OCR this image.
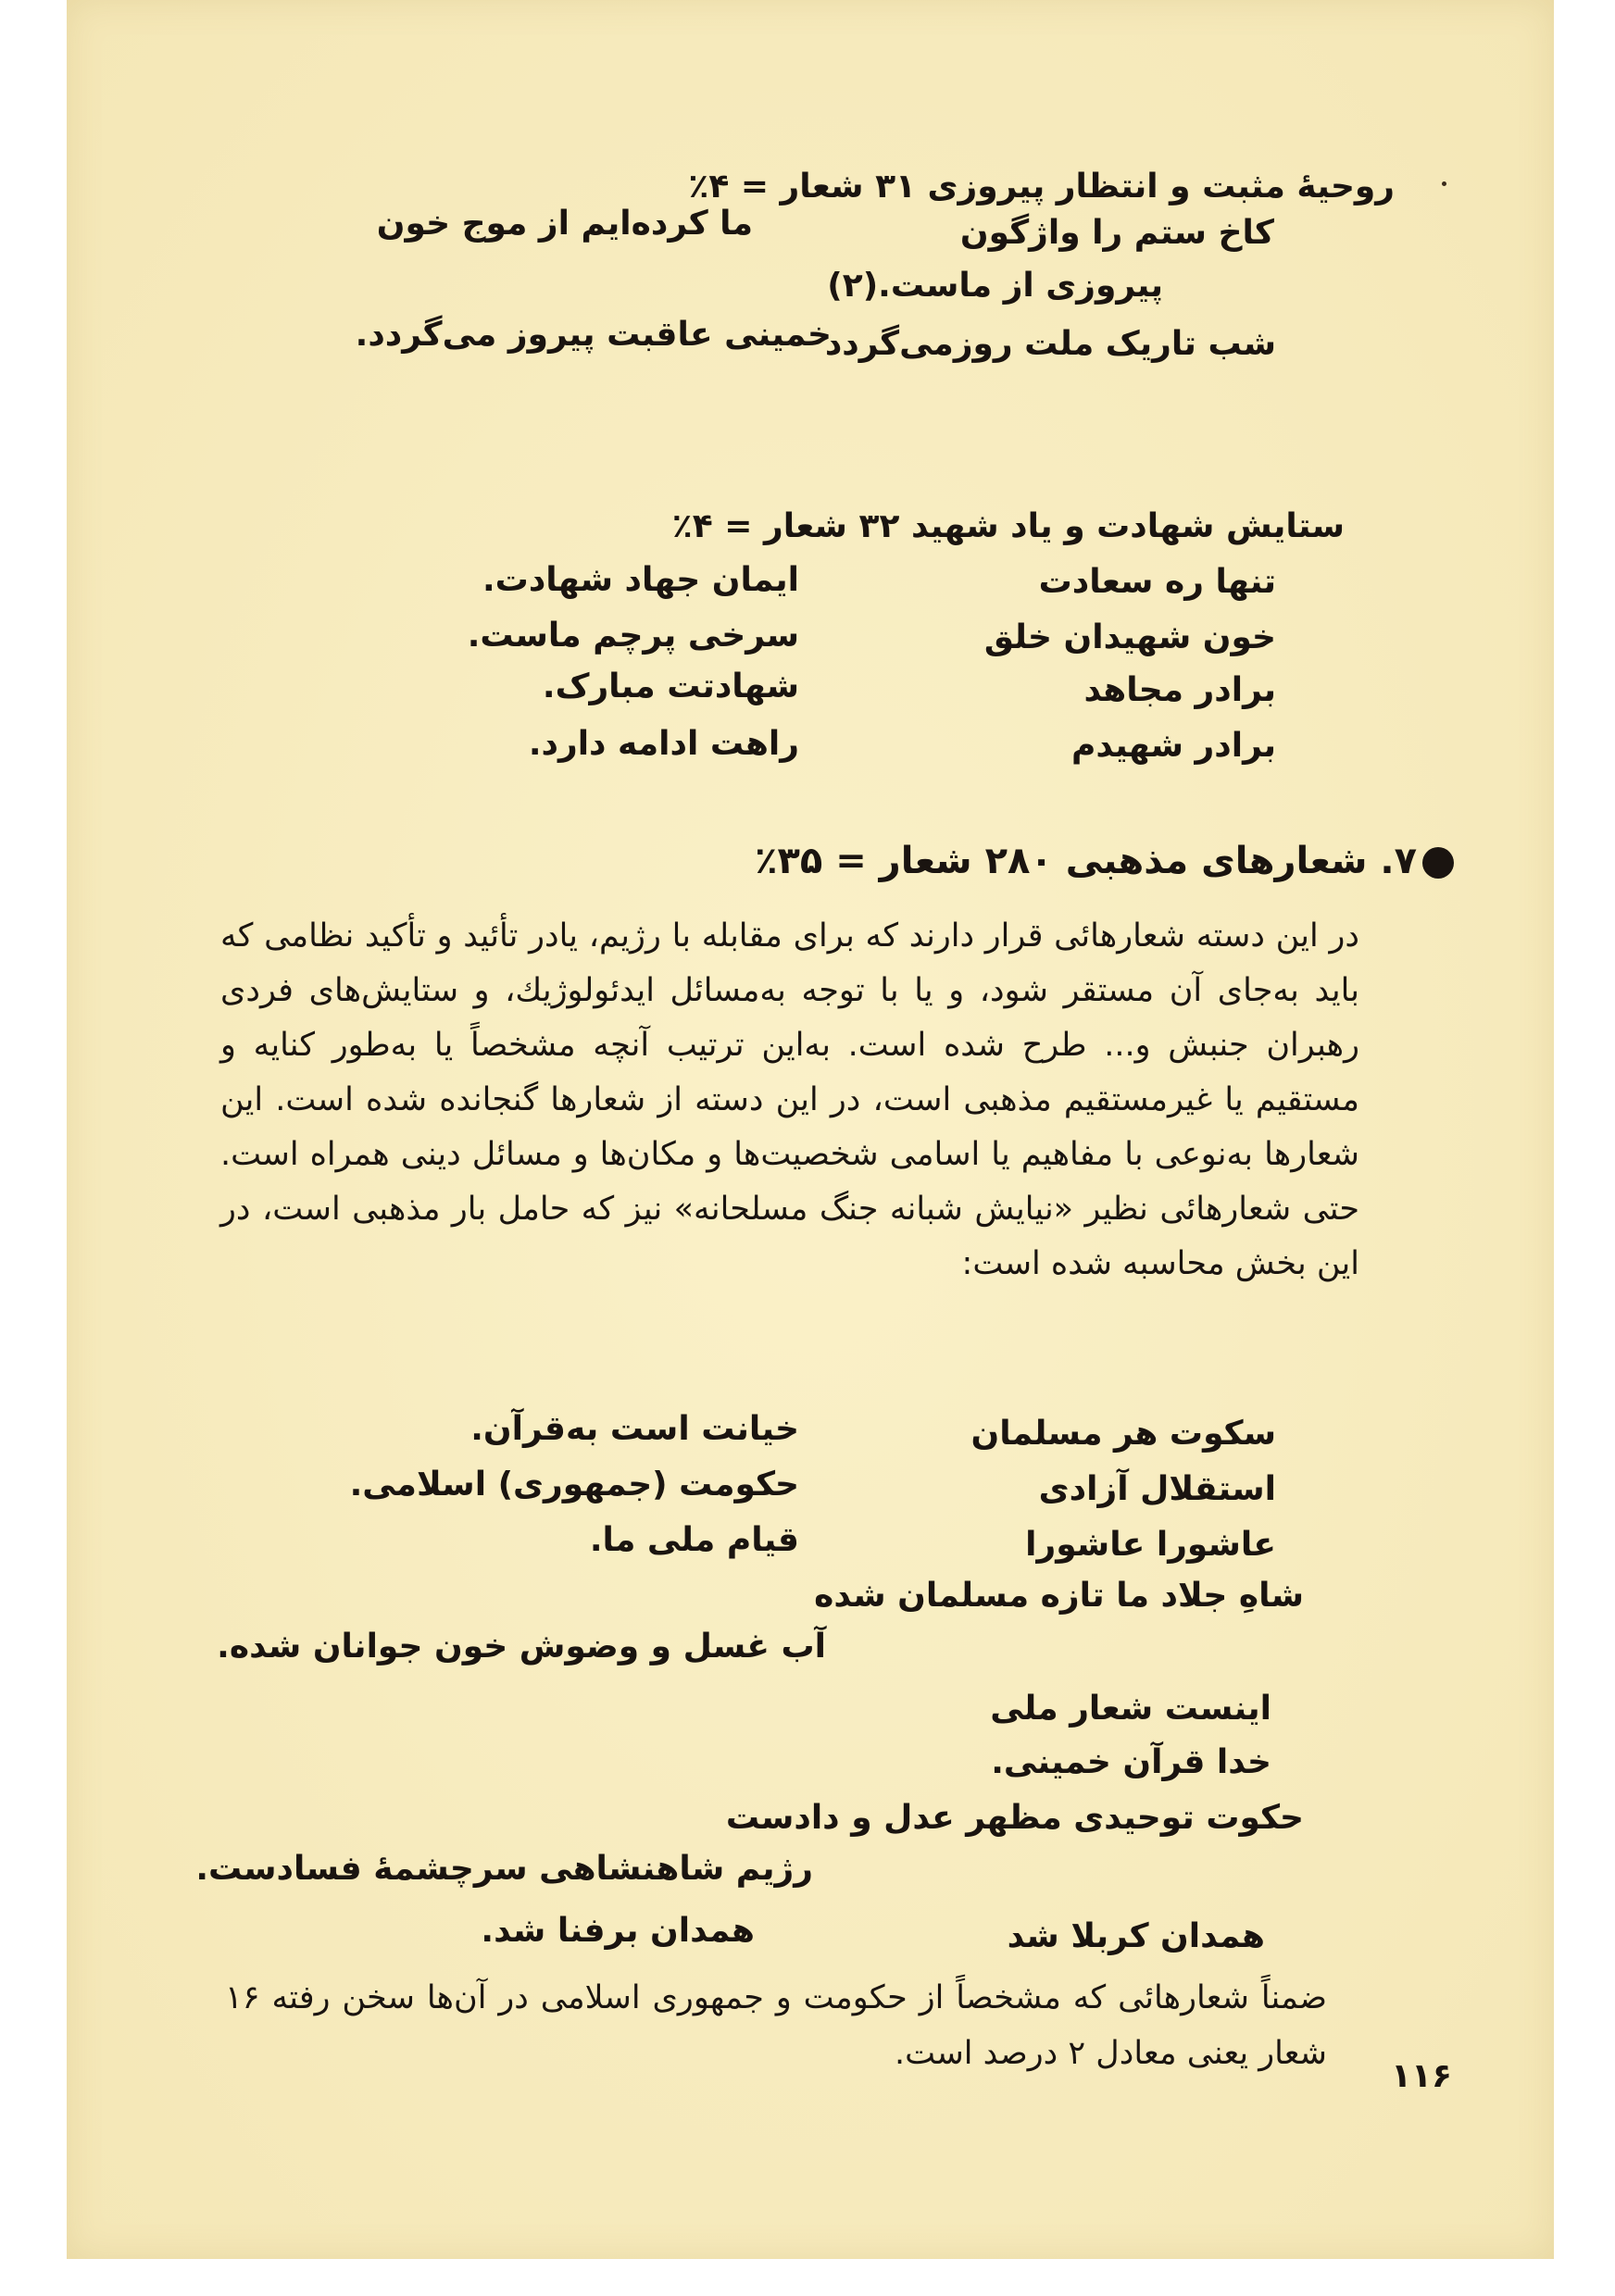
روحیهٔ مثبت و انتظار پیروزی ۳۱ شعار = ۴٪
کاخ ستم را واژگون
ما کرده‌ایم از موج خون
پیروزی از ماست.(۲)
شب تاریک ملت روزمی‌گردد
خمینی عاقبت پیروز می‌گردد.
ستایش شهادت و یاد شهید ۳۲ شعار = ۴٪
تنها ره سعادت
ایمان جهاد شهادت.
خون شهیدان خلق
سرخی پرچم ماست.
برادر مجاهد
شهادتت مبارک.
برادر شهیدم
راهت ادامه دارد.
۷. شعارهای مذهبی ۲۸۰ شعار = ۳۵٪
در این دسته شعارهائی قرار دارند که برای مقابله با رژیم، یادر تأئید و تأکید نظامی که باید به‌جای آن مستقر شود، و یا با توجه به‌مسائل ایدئولوژیك، و ستایش‌های فردی رهبران جنبش و... طرح شده است. به‌این ترتیب آنچه مشخصاً یا به‌طور کنایه و مستقیم یا غیرمستقیم مذهبی است، در این دسته از شعارها گنجانده شده است. این شعارها به‌نوعی با مفاهیم یا اسامی شخصیت‌ها و مکان‌ها و مسائل دینی همراه است. حتی شعارهائی نظیر «نیایش شبانه جنگ مسلحانه» نیز که حامل بار مذهبی است، در این بخش محاسبه شده است:
سکوت هر مسلمان
خیانت است به‌قرآن.
استقلال آزادی
حکومت (جمهوری) اسلامی.
عاشورا عاشورا
قیام ملی ما.
شاهِ جلاد ما تازه مسلمان شده
آب غسل و وضوش خون جوانان شده.
اینست شعار ملی
خدا قرآن خمینی.
حکوت توحیدی مظهر عدل و دادست
رژیم شاهنشاهی سرچشمهٔ فسادست.
همدان کربلا شد
همدان برفنا شد.
ضمناً شعارهائی که مشخصاً از حکومت و جمهوری اسلامی در آن‌ها سخن رفته ۱۶ شعار یعنی معادل ۲ درصد است.
۱۱۶
